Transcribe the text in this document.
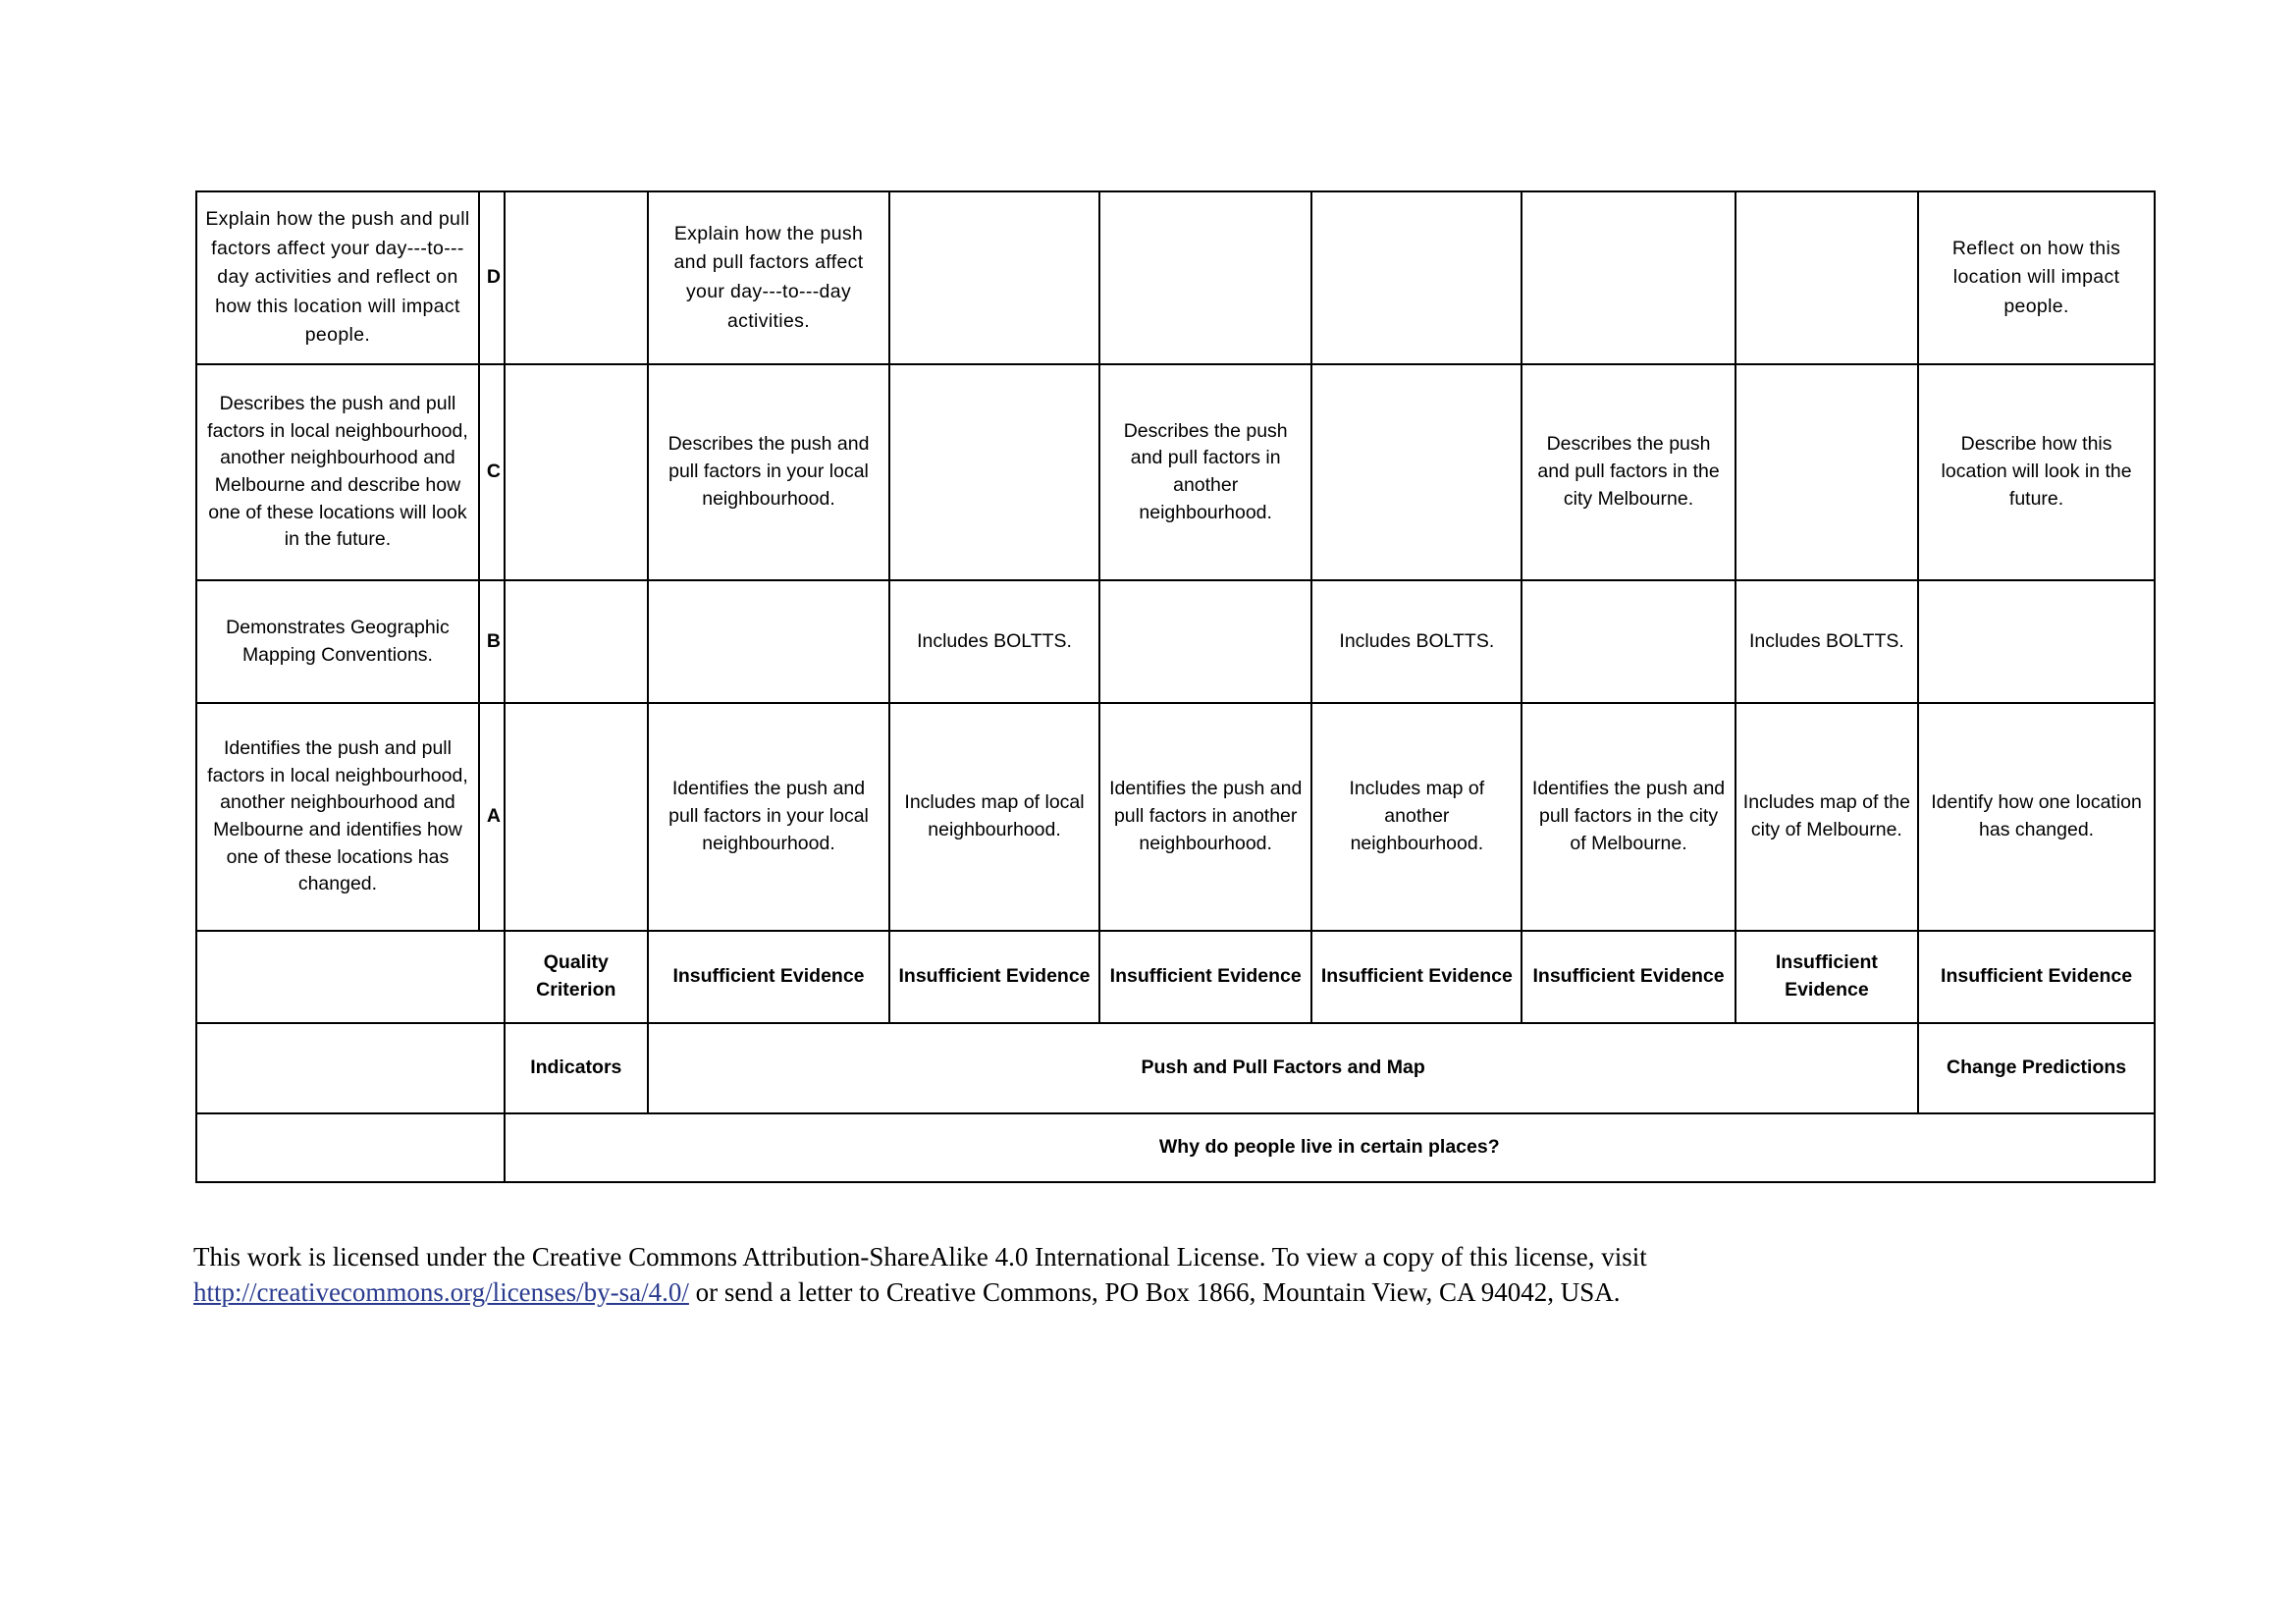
Explain how the push and pull factors affect your day---to---day activities and reflect on how this location will impact people.	D		Explain how the push and pull factors affect your day---to---day activities.						Reflect on how this location will impact people.
Describes the push and pull factors in local neighbourhood, another neighbourhood and Melbourne and describe how one of these locations will look in the future.	C		Describes the push and pull factors in your local neighbourhood.		Describes the push and pull factors in another neighbourhood.		Describes the push and pull factors in the city Melbourne.		Describe how this location will look in the future.
Demonstrates Geographic Mapping Conventions.	B			Includes BOLTTS.		Includes BOLTTS.		Includes BOLTTS.	
Identifies the push and pull factors in local neighbourhood, another neighbourhood and Melbourne and identifies how one of these locations has changed.	A		Identifies the push and pull factors in your local neighbourhood.	Includes map of local neighbourhood.	Identifies the push and pull factors in another neighbourhood.	Includes map of another neighbourhood.	Identifies the push and pull factors in the city of Melbourne.	Includes map of the city of Melbourne.	Identify how one location has changed.
		Quality Criterion	Insufficient Evidence	Insufficient Evidence	Insufficient Evidence	Insufficient Evidence	Insufficient Evidence	Insufficient Evidence	Insufficient Evidence
		Indicators	Push and Pull Factors and Map						Change Predictions
		Why do people live in certain places?							
This work is licensed under the Creative Commons Attribution-ShareAlike 4.0 International License. To view a copy of this license, visit http://creativecommons.org/licenses/by-sa/4.0/ or send a letter to Creative Commons, PO Box 1866, Mountain View, CA 94042, USA.
